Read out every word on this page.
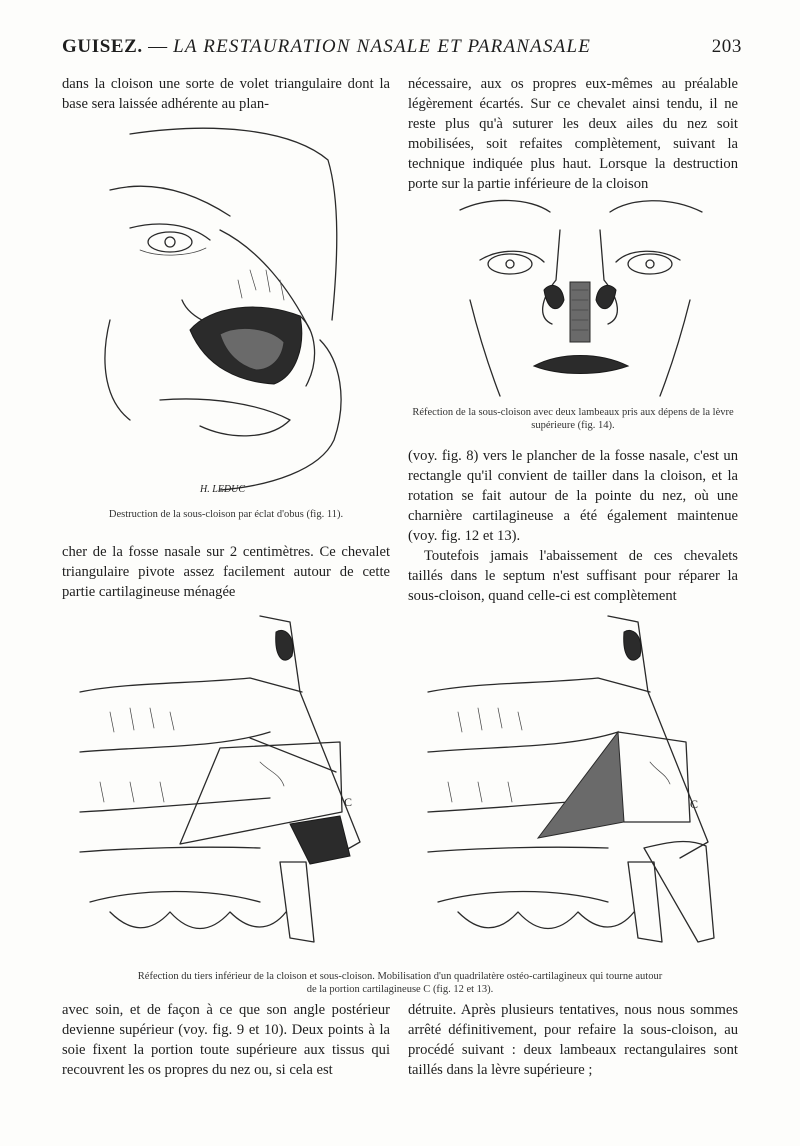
GUISEZ. — LA RESTAURATION NASALE ET PARANASALE	203

dans la cloison une sorte de volet triangulaire dont la base sera laissée adhérente au plan-

nécessaire, aux os propres eux-mêmes au préalable légèrement écartés. Sur ce chevalet ainsi tendu, il ne reste plus qu'à suturer les deux ailes du nez soit mobilisées, soit refaites complètement, suivant la technique indiquée plus haut. Lorsque la destruction porte sur la partie inférieure de la cloison

H. LEDUC
Destruction de la sous-cloison par éclat d'obus (fig. 11).
Réfection de la sous-cloison avec deux lambeaux pris aux dépens de la lèvre supérieure (fig. 14).

(voy. fig. 8) vers le plancher de la fosse nasale, c'est un rectangle qu'il convient de tailler dans la cloison, et la rotation se fait autour de la pointe du nez, où une charnière cartilagineuse a été également maintenue (voy. fig. 12 et 13).

Toutefois jamais l'abaissement de ces chevalets taillés dans le septum n'est suffisant pour réparer la sous-cloison, quand celle-ci est complètement

cher de la fosse nasale sur 2 centimètres. Ce chevalet triangulaire pivote assez facilement autour de cette partie cartilagineuse ménagée

C	C
Réfection du tiers inférieur de la cloison et sous-cloison. Mobilisation d'un quadrilatère ostéo-cartilagineux qui tourne autour
de la portion cartilagineuse C (fig. 12 et 13).

avec soin, et de façon à ce que son angle postérieur devienne supérieur (voy. fig. 9 et 10). Deux points à la soie fixent la portion toute supérieure aux tissus qui recouvrent les os propres du nez ou, si cela est

détruite. Après plusieurs tentatives, nous nous sommes arrêté définitivement, pour refaire la sous-cloison, au procédé suivant : deux lambeaux rectangulaires sont taillés dans la lèvre supérieure ;
